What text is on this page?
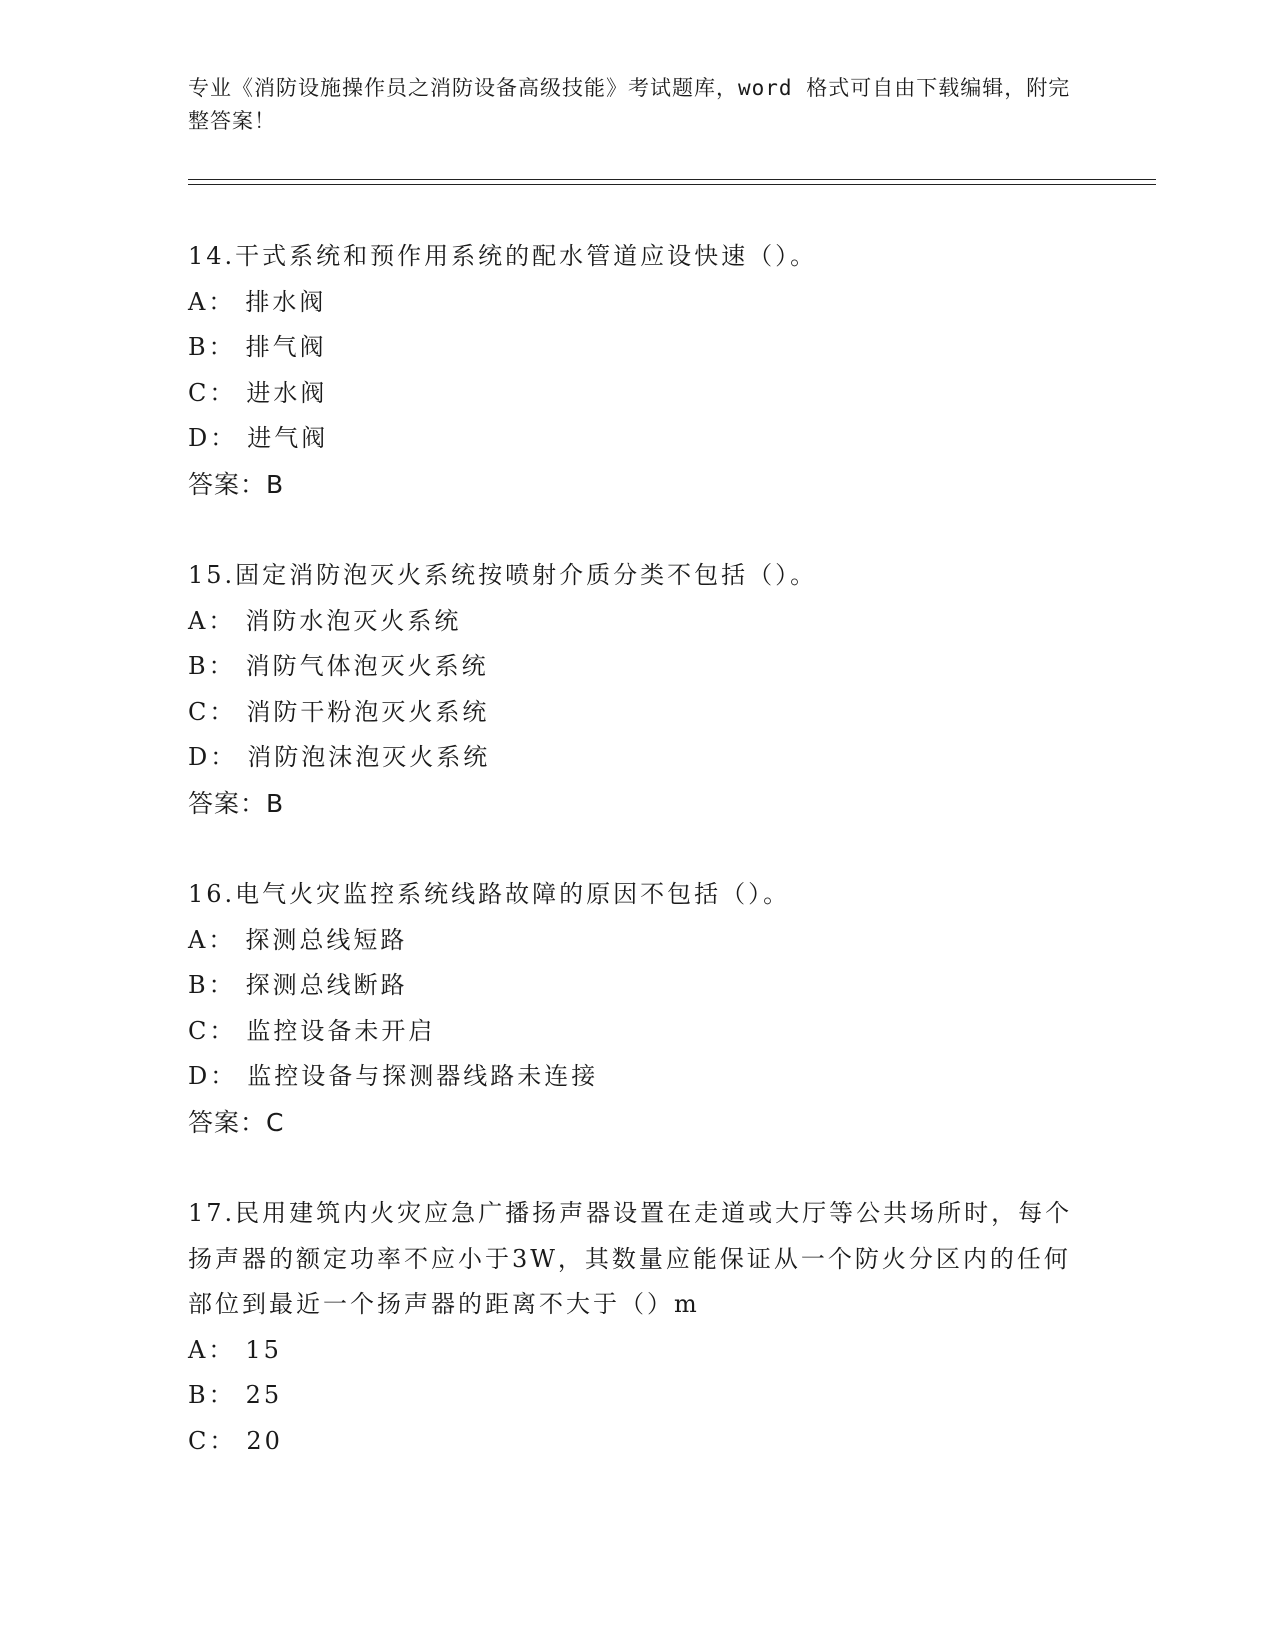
专业《消防设施操作员之消防设备高级技能》考试题库，word 格式可自由下载编辑，附完整答案！
14.干式系统和预作用系统的配水管道应设快速（）。
A： 排水阀
B： 排气阀
C： 进水阀
D： 进气阀
答案：B
15.固定消防泡灭火系统按喷射介质分类不包括（）。
A： 消防水泡灭火系统
B： 消防气体泡灭火系统
C： 消防干粉泡灭火系统
D： 消防泡沫泡灭火系统
答案：B
16.电气火灾监控系统线路故障的原因不包括（）。
A： 探测总线短路
B： 探测总线断路
C： 监控设备未开启
D： 监控设备与探测器线路未连接
答案：C
17.民用建筑内火灾应急广播扬声器设置在走道或大厅等公共场所时，每个扬声器的额定功率不应小于3W，其数量应能保证从一个防火分区内的任何部位到最近一个扬声器的距离不大于（）m
A： 15
B： 25
C： 20
